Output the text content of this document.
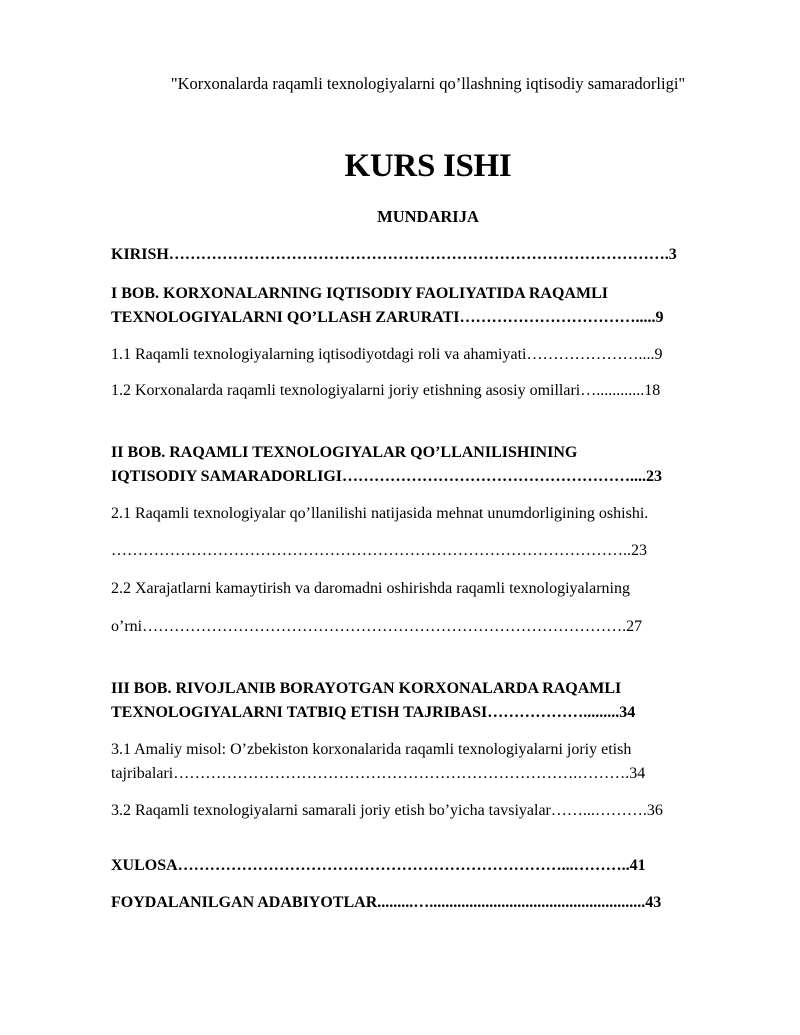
"Korxonalarda raqamli texnologiyalarni qo’llashning iqtisodiy samaradorligi"
KURS ISHI
MUNDARIJA
KIRISH………………………………………………………………………………….3
I BOB. KORXONALARNING IQTISODIY FAOLIYATIDA RAQAMLI
TEXNOLOGIYALARNI QO’LLASH ZARURATI…………………………….....9
1.1 Raqamli texnologiyalarning iqtisodiyotdagi roli va ahamiyati…………………....9
1.2 Korxonalarda raqamli texnologiyalarni joriy etishning asosiy omillari…............18
II BOB. RAQAMLI TEXNOLOGIYALAR QO’LLANILISHINING
IQTISODIY SAMARADORLIGI………………………………………………....23
2.1 Raqamli texnologiyalar qo’llanilishi natijasida mehnat unumdorligining oshishi.
……………………………………………………………………………………..23
2.2 Xarajatlarni kamaytirish va daromadni oshirishda raqamli texnologiyalarning
o’rni……………………………………………………………………………….27
III BOB. RIVOJLANIB BORAYOTGAN KORXONALARDA RAQAMLI
TEXNOLOGIYALARNI TATBIQ ETISH TAJRIBASI……………….........34
3.1 Amaliy misol: O’zbekiston korxonalarida raqamli texnologiyalarni joriy etish
tajribalari………………………………………………………………….……….34
3.2 Raqamli texnologiyalarni samarali joriy etish bo’yicha tavsiyalar……...……….36
XULOSA………………………………………………………………...………..41
FOYDALANILGAN ADABIYOTLAR.........…......................................................43
